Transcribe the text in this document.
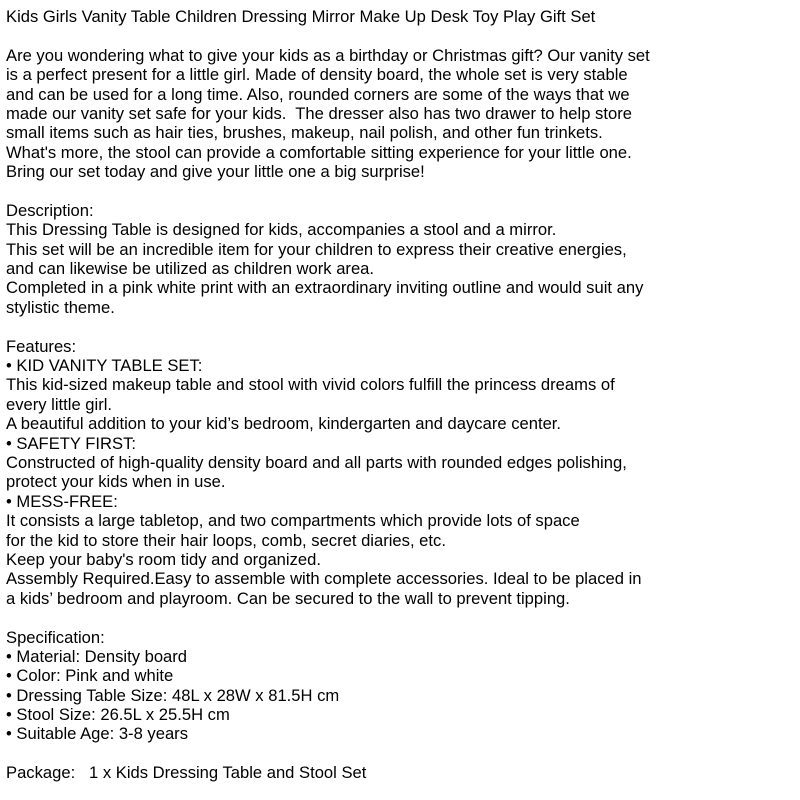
Kids Girls Vanity Table Children Dressing Mirror Make Up Desk Toy Play Gift Set
Are you wondering what to give your kids as a birthday or Christmas gift? Our vanity set
is a perfect present for a little girl. Made of density board, the whole set is very stable
and can be used for a long time. Also, rounded corners are some of the ways that we
made our vanity set safe for your kids.  The dresser also has two drawer to help store
small items such as hair ties, brushes, makeup, nail polish, and other fun trinkets.
What's more, the stool can provide a comfortable sitting experience for your little one.
Bring our set today and give your little one a big surprise!
Description:
This Dressing Table is designed for kids, accompanies a stool and a mirror.
This set will be an incredible item for your children to express their creative energies,
and can likewise be utilized as children work area.
Completed in a pink white print with an extraordinary inviting outline and would suit any
stylistic theme.
Features:
• KID VANITY TABLE SET:
This kid-sized makeup table and stool with vivid colors fulfill the princess dreams of
every little girl.
A beautiful addition to your kid’s bedroom, kindergarten and daycare center.
• SAFETY FIRST:
Constructed of high-quality density board and all parts with rounded edges polishing,
protect your kids when in use.
• MESS-FREE:
It consists a large tabletop, and two compartments which provide lots of space
for the kid to store their hair loops, comb, secret diaries, etc.
Keep your baby's room tidy and organized.
Assembly Required.Easy to assemble with complete accessories. Ideal to be placed in
a kids’ bedroom and playroom. Can be secured to the wall to prevent tipping.
Specification:
• Material: Density board
• Color: Pink and white
• Dressing Table Size: 48L x 28W x 81.5H cm
• Stool Size: 26.5L x 25.5H cm
• Suitable Age: 3-8 years
Package:   1 x Kids Dressing Table and Stool Set
